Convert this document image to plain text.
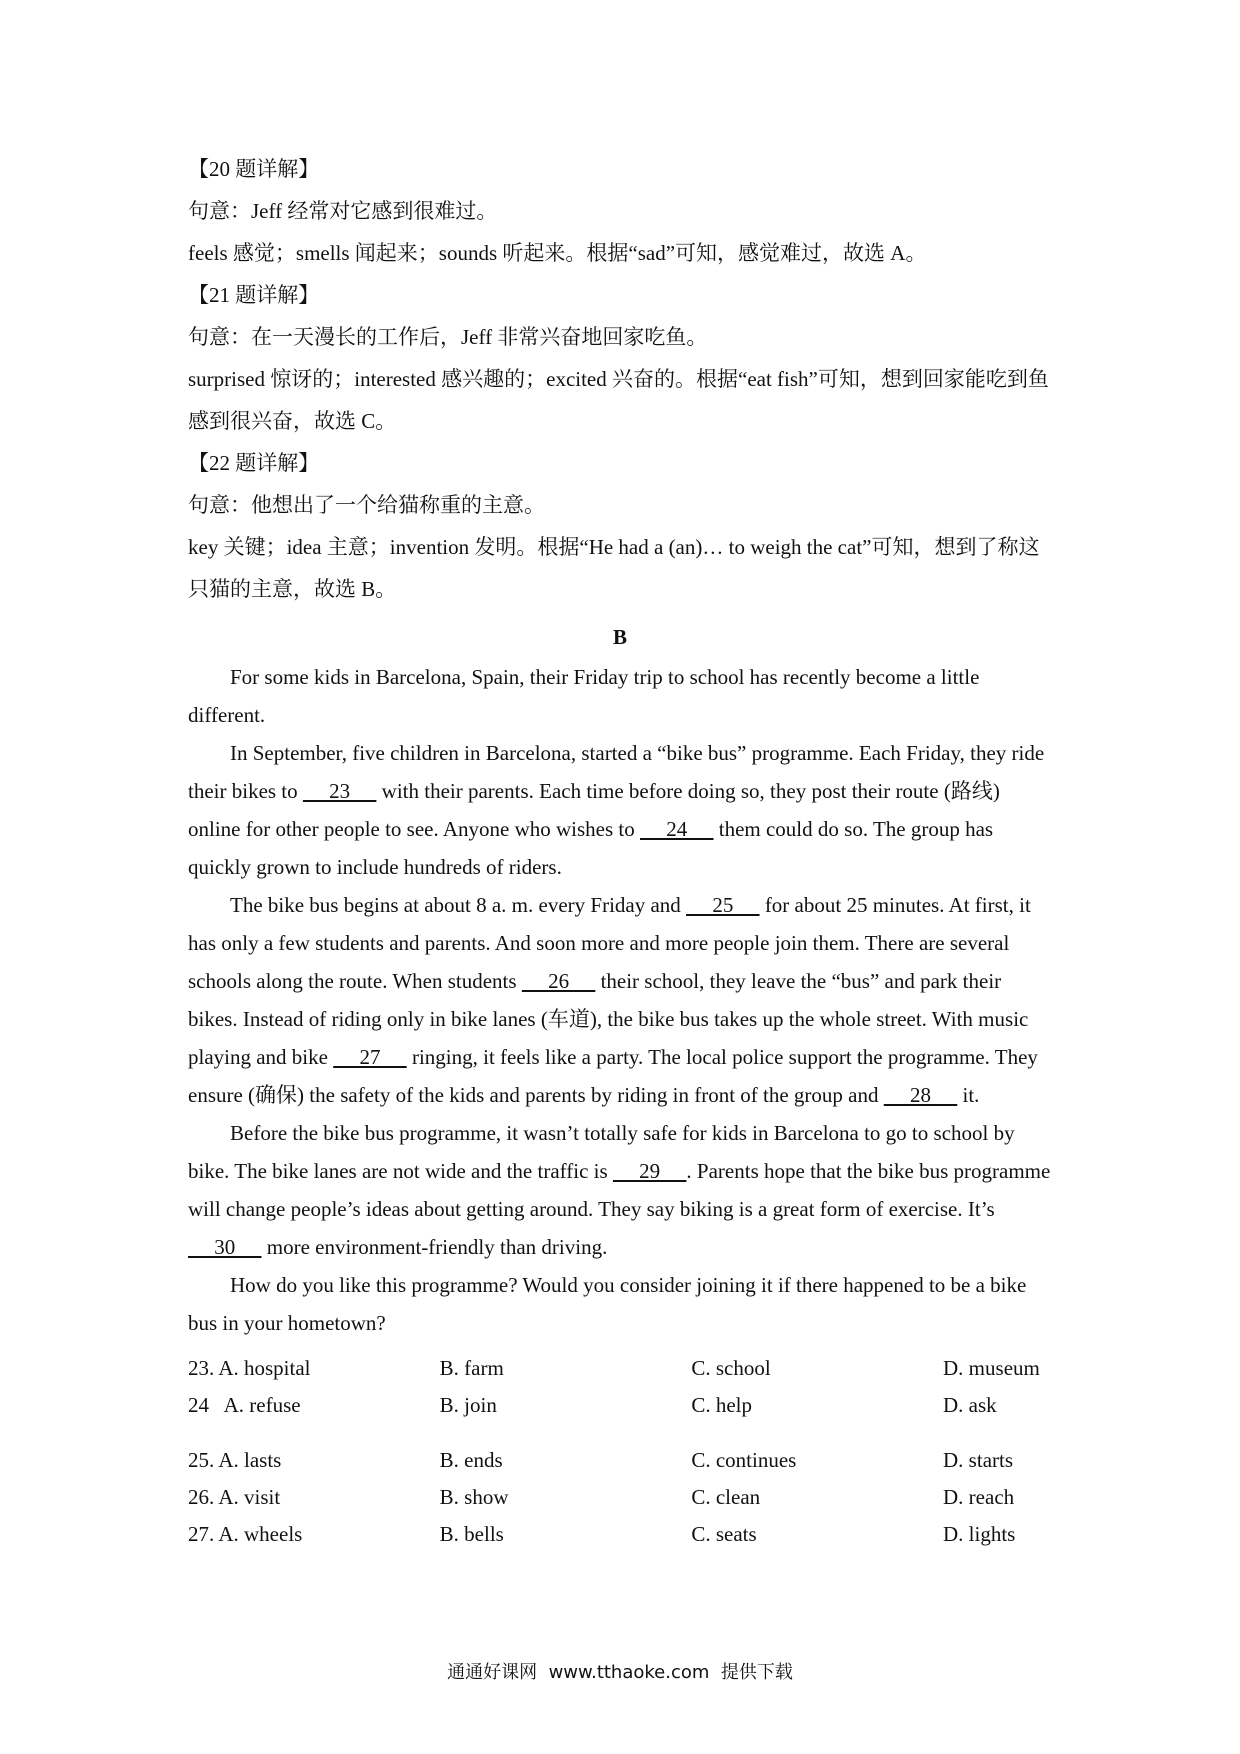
【20 题详解】

句意：Jeff 经常对它感到很难过。

feels 感觉；smells 闻起来；sounds 听起来。根据“sad”可知，感觉难过，故选 A。

【21 题详解】

句意：在一天漫长的工作后，Jeff 非常兴奋地回家吃鱼。

surprised 惊讶的；interested 感兴趣的；excited 兴奋的。根据“eat fish”可知，想到回家能吃到鱼感到很兴奋，故选 C。

【22 题详解】

句意：他想出了一个给猫称重的主意。

key 关键；idea 主意；invention 发明。根据“He had a (an)… to weigh the cat”可知，想到了称这只猫的主意，故选 B。

B

For some kids in Barcelona, Spain, their Friday trip to school has recently become a little different.

In September, five children in Barcelona, started a “bike bus” programme. Each Friday, they ride their bikes to      23      with their parents. Each time before doing so, they post their route (路线) online for other people to see. Anyone who wishes to      24      them could do so. The group has quickly grown to include hundreds of riders.

The bike bus begins at about 8 a. m. every Friday and      25      for about 25 minutes. At first, it has only a few students and parents. And soon more and more people join them. There are several schools along the route. When students      26      their school, they leave the “bus” and park their bikes. Instead of riding only in bike lanes (车道), the bike bus takes up the whole street. With music playing and bike      27      ringing, it feels like a party. The local police support the programme. They ensure (确保) the safety of the kids and parents by riding in front of the group and      28      it.

Before the bike bus programme, it wasn’t totally safe for kids in Barcelona to go to school by bike. The bike lanes are not wide and the traffic is      29     . Parents hope that the bike bus programme will change people’s ideas about getting around. They say biking is a great form of exercise. It’s      30      more environment-friendly than driving.

How do you like this programme? Would you consider joining it if there happened to be a bike bus in your hometown?

23. A. hospital	B. farm	C. school	D. museum
24   A. refuse	B. join	C. help	D. ask
25. A. lasts	B. ends	C. continues	D. starts
26. A. visit	B. show	C. clean	D. reach
27. A. wheels	B. bells	C. seats	D. lights
通通好课网  www.tthaoke.com  提供下载
